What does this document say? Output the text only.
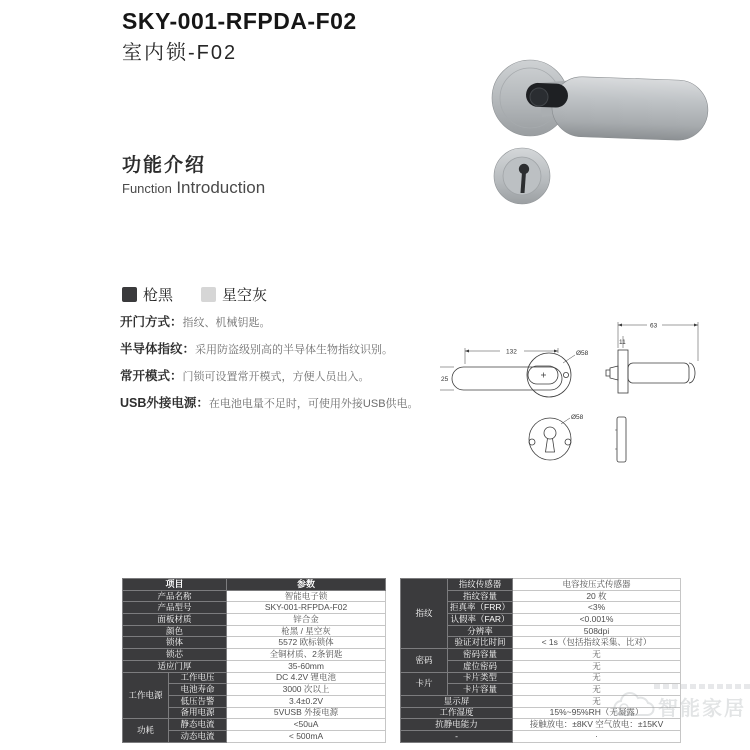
SKY-001-RFPDA-F02
室内锁-F02
功能介绍
Function Introduction
枪黑	星空灰
开门方式：指纹、机械钥匙。
半导体指纹：采用防盗级别高的半导体生物指纹识别。
常开模式：门锁可设置常开模式，方便人员出入。
USB外接电源：在电池电量不足时，可使用外接USB供电。
132
25
Ø58
63
11
Ø58
项目		参数
产品名称		智能电子锁
产品型号		SKY-001-RFPDA-F02
面板材质		锌合金
颜色		枪黑 / 星空灰
锁体		5572 欧标锁体
锁芯		全铜材质、2条钥匙
适应门厚		35-60mm
工作电源	工作电压	DC 4.2V 锂电池
	电池寿命	3000 次以上
	低压告警	3.4±0.2V
	备用电源	5VUSB 外接电源
功耗	静态电流	<50uA
	动态电流	< 500mA
指纹	指纹传感器	电容按压式传感器
	指纹容量	20 枚
	拒真率（FRR）	<3%
	认假率（FAR）	<0.001%
	分辨率	508dpi
	验证对比时间	< 1s（包括指纹采集、比对）
密码	密码容量	无
	虚位密码	无
卡片	卡片类型	无
	卡片容量	无
显示屏		无
工作湿度		15%~95%RH（无凝露）
抗静电能力		接触放电：±8KV 空气放电：±15KV
-		·
智能家居
